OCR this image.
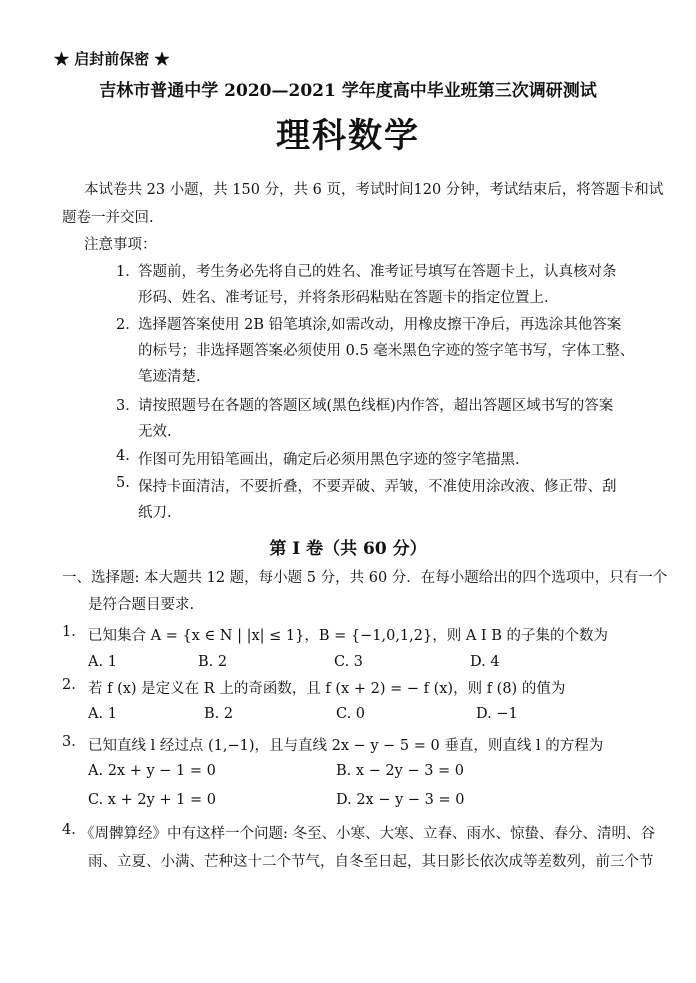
★ 启封前保密 ★
吉林市普通中学 2020—2021 学年度高中毕业班第三次调研测试
理科数学
本试卷共 23 小题，共 150 分，共 6 页，考试时间120 分钟，考试结束后，将答题卡和试
题卷一并交回.
注意事项：
1．
答题前，考生务必先将自己的姓名、准考证号填写在答题卡上，认真核对条
形码、姓名、准考证号，并将条形码粘贴在答题卡的指定位置上.
2．
选择题答案使用 2B 铅笔填涂,如需改动，用橡皮擦干净后，再选涂其他答案
的标号；非选择题答案必须使用 0.5 毫米黑色字迹的签字笔书写，字体工整、
笔迹清楚.
3．
请按照题号在各题的答题区域(黑色线框)内作答，超出答题区域书写的答案
无效.
4. 作图可先用铅笔画出，确定后必须用黑色字迹的签字笔描黑.
5. 保持卡面清洁，不要折叠，不要弄破、弄皱，不准使用涂改液、修正带、刮
纸刀.
第 I 卷（共 60 分）
一、选择题: 本大题共 12 题，每小题 5 分，共 60 分．在每小题给出的四个选项中，只有一个
是符合题目要求.
1. 已知集合 A = {x ∈ N | |x| ≤ 1}，B = {−1,0,1,2}，则 A I B 的子集的个数为
A. 1	B. 2	C. 3	D. 4
2. 若 f (x) 是定义在 R 上的奇函数，且 f (x + 2) = − f (x)，则 f (8) 的值为
A. 1	B. 2	C. 0	D. −1
3. 已知直线 l 经过点 (1,−1)，且与直线 2x − y − 5 = 0 垂直，则直线 l 的方程为
A. 2x + y − 1 = 0	B. x − 2y − 3 = 0
C. x + 2y + 1 = 0	D. 2x − y − 3 = 0
4. 《周髀算经》中有这样一个问题: 冬至、小寒、大寒、立春、雨水、惊蛰、春分、清明、谷
雨、立夏、小满、芒种这十二个节气，自冬至日起，其日影长依次成等差数列，前三个节
